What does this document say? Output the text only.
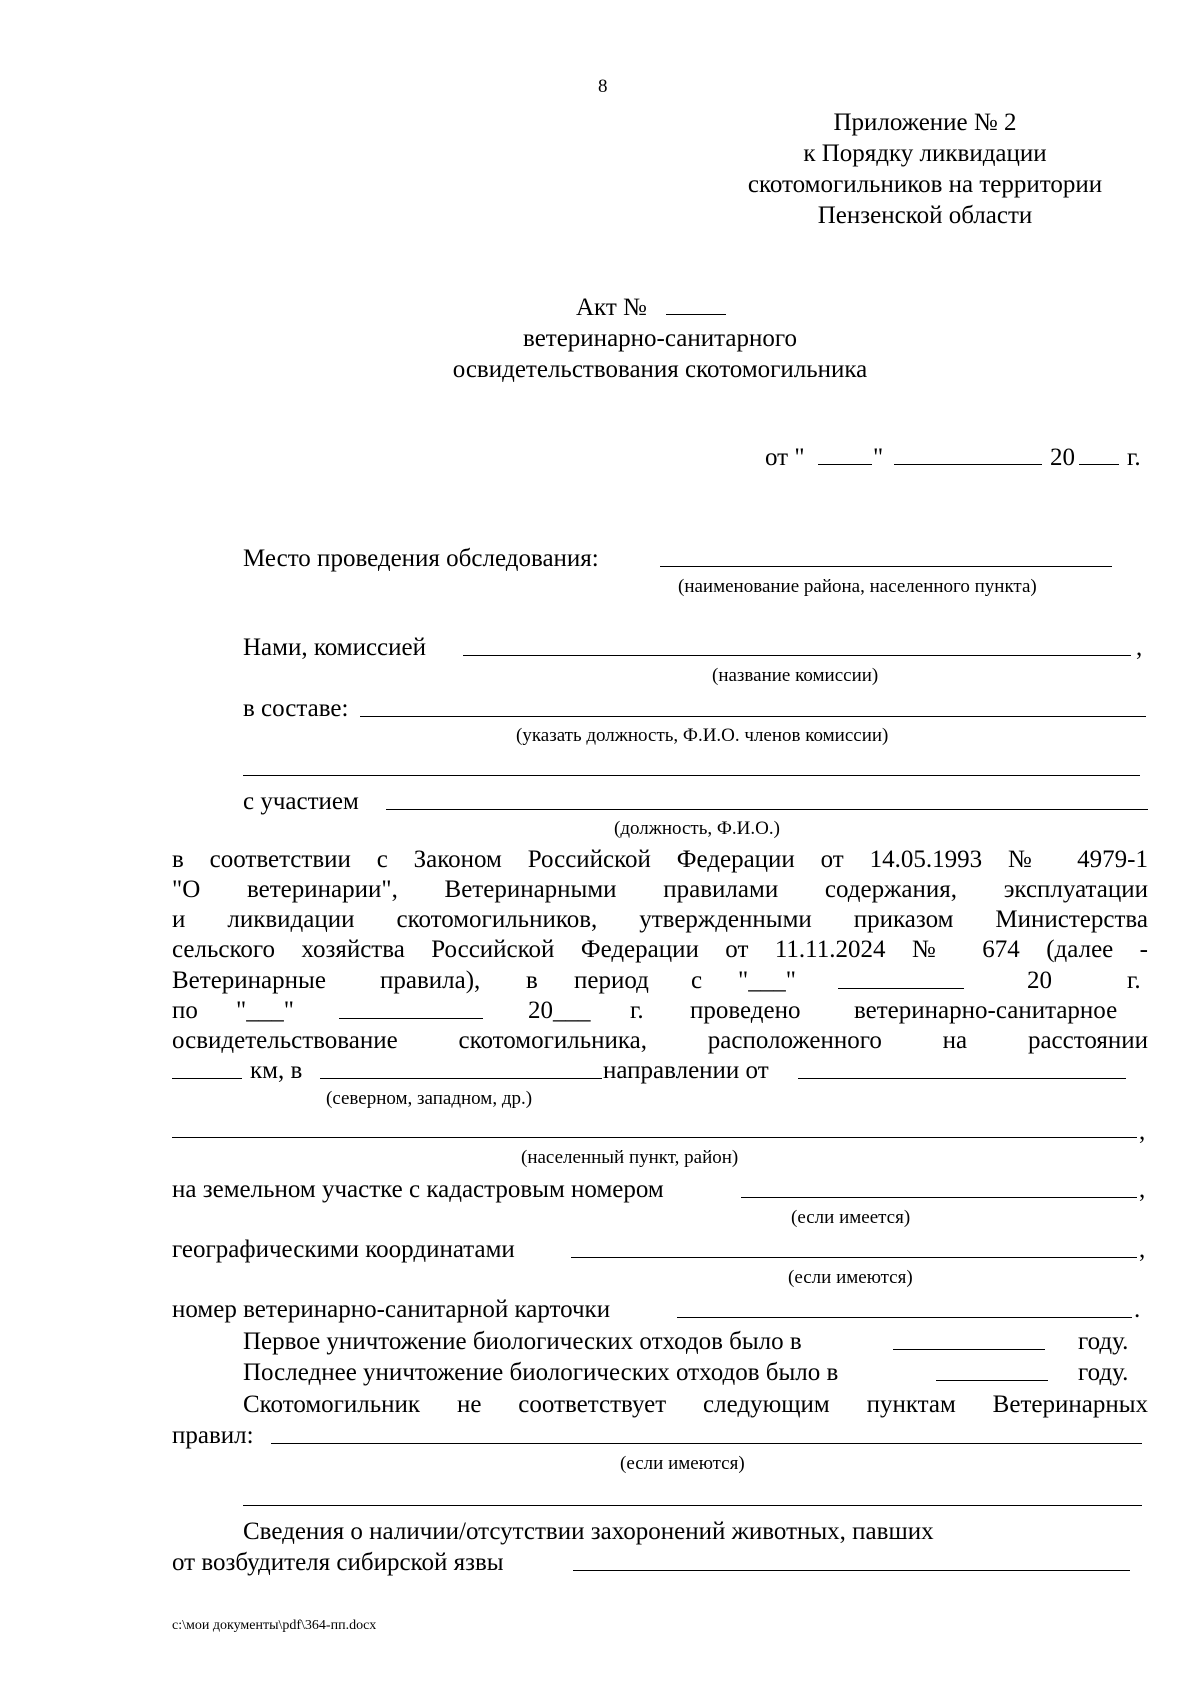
8
Приложение № 2
к Порядку ликвидации
скотомогильников на территории
Пензенской области
Акт №
ветеринарно-санитарного
освидетельствования скотомогильника
от "	"	20 г.
Место проведения обследования:
(наименование района, населенного пункта)
Нами, комиссией	,
(название комиссии)
в составе:
(указать должность, Ф.И.О. членов комиссии)
с участием
(должность, Ф.И.О.)
в соответствии с Законом Российской Федерации от 14.05.1993 № 4979-1
"О ветеринарии", Ветеринарными правилами содержания, эксплуатации
и ликвидации скотомогильников, утвержденными приказом Министерства
сельского хозяйства Российской Федерации от 11.11.2024 № 674 (далее -
Ветеринарные правила), в период с "___"	20	г.
по "___"	20___ г. проведено ветеринарно-санитарное
освидетельствование скотомогильника, расположенного на расстоянии
км, в	направлении от
(северном, западном, др.)
,
(населенный пункт, район)
на земельном участке с кадастровым номером	,
(если имеется)
географическими координатами	,
(если имеются)
номер ветеринарно-санитарной карточки	.
Первое уничтожение биологических отходов было в	году.
Последнее уничтожение биологических отходов было в	году.
Скотомогильник не соответствует следующим пунктам Ветеринарных
правил:
(если имеются)
Сведения о наличии/отсутствии захоронений животных, павших
от возбудителя сибирской язвы
c:\мои документы\pdf\364-пп.docx
